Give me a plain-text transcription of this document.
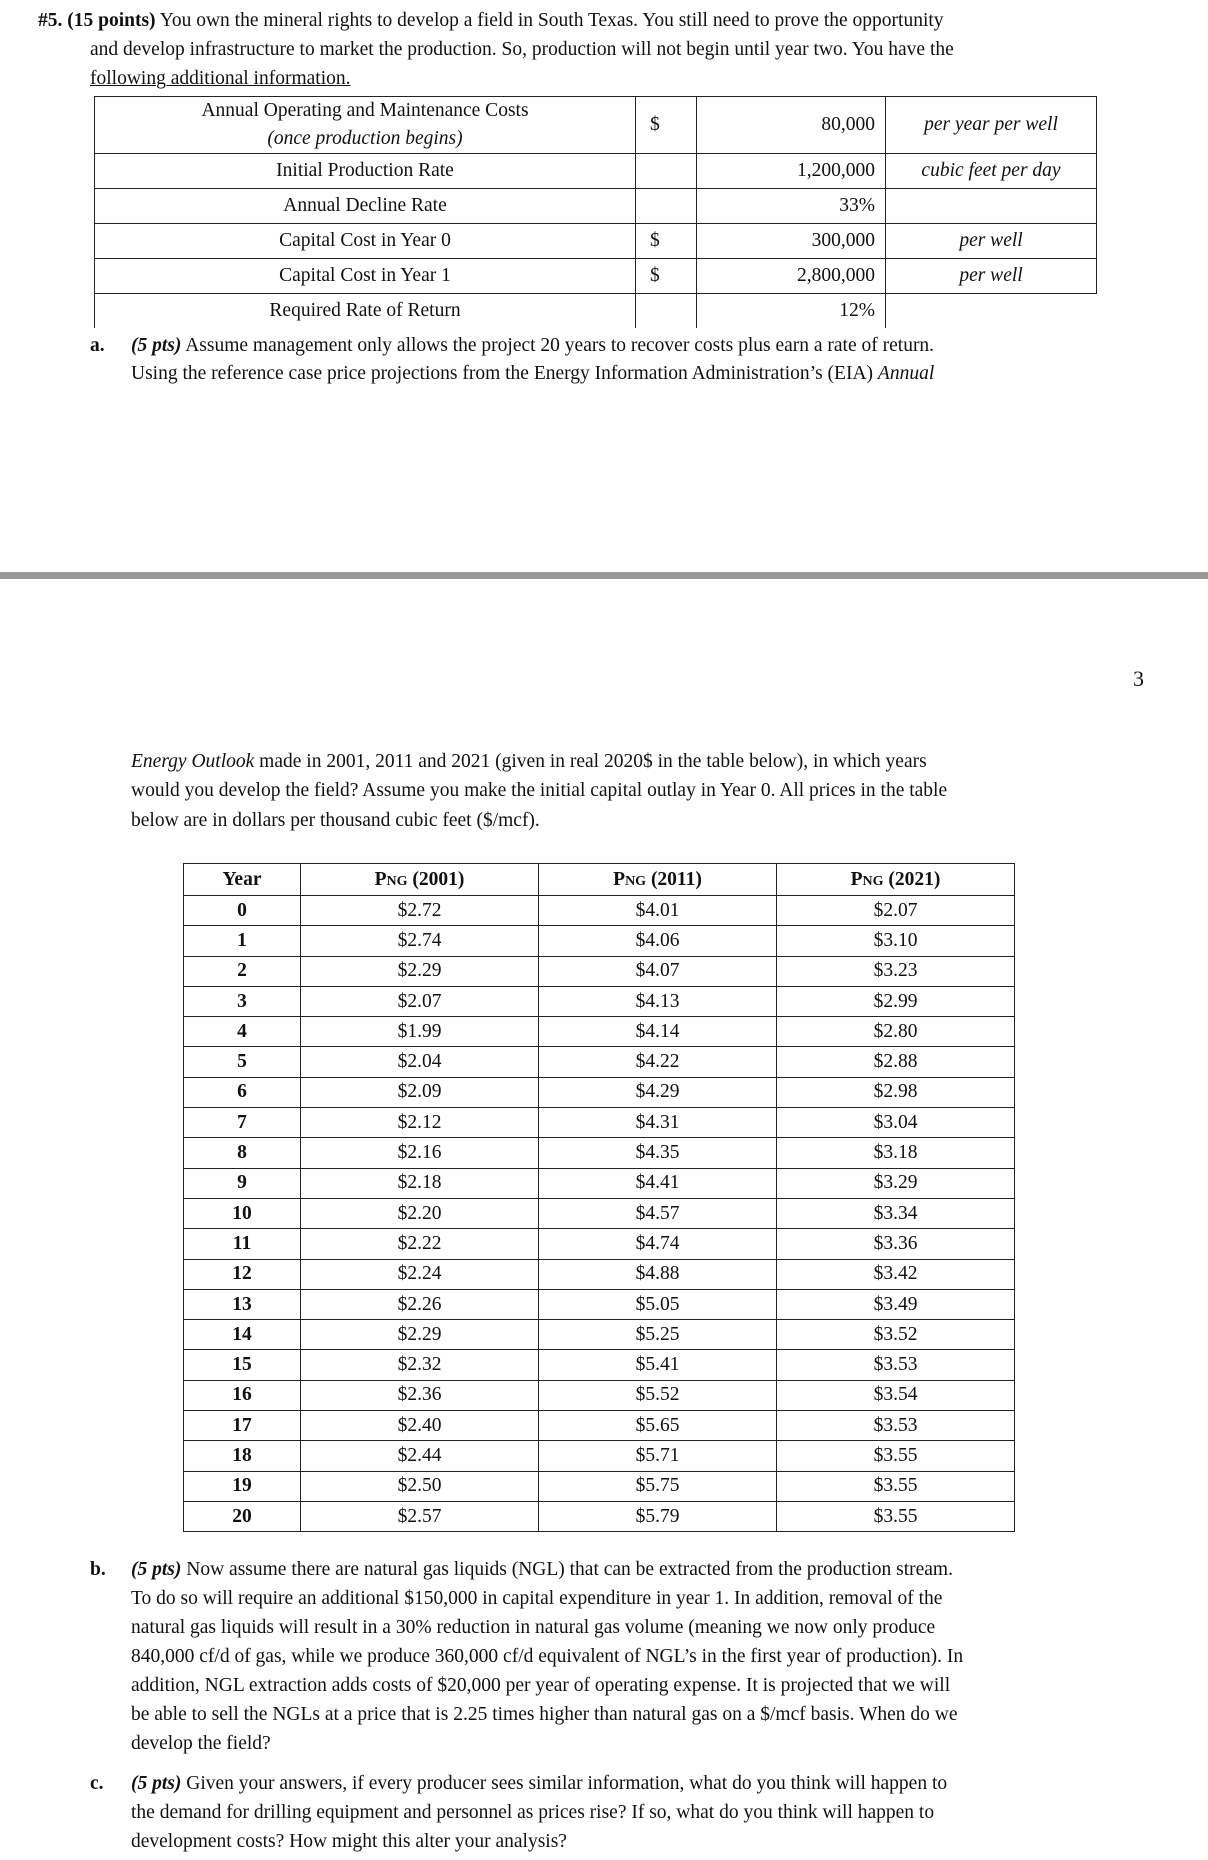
#5. (15 points) You own the mineral rights to develop a field in South Texas. You still need to prove the opportunity
and develop infrastructure to market the production. So, production will not begin until year two. You have the
following additional information.
Annual Operating and Maintenance Costs
(once production begins)	$	80,000	per year per well
Initial Production Rate		1,200,000	cubic feet per day
Annual Decline Rate		33%	
Capital Cost in Year 0	$	300,000	per well
Capital Cost in Year 1	$	2,800,000	per well
Required Rate of Return		12%	
a. (5 pts) Assume management only allows the project 20 years to recover costs plus earn a rate of return.
Using the reference case price projections from the Energy Information Administration’s (EIA) Annual
3
Energy Outlook made in 2001, 2011 and 2021 (given in real 2020$ in the table below), in which years
would you develop the field? Assume you make the initial capital outlay in Year 0. All prices in the table
below are in dollars per thousand cubic feet ($/mcf).
Year	PNG (2001)	PNG (2011)	PNG (2021)
0	$2.72	$4.01	$2.07
1	$2.74	$4.06	$3.10
2	$2.29	$4.07	$3.23
3	$2.07	$4.13	$2.99
4	$1.99	$4.14	$2.80
5	$2.04	$4.22	$2.88
6	$2.09	$4.29	$2.98
7	$2.12	$4.31	$3.04
8	$2.16	$4.35	$3.18
9	$2.18	$4.41	$3.29
10	$2.20	$4.57	$3.34
11	$2.22	$4.74	$3.36
12	$2.24	$4.88	$3.42
13	$2.26	$5.05	$3.49
14	$2.29	$5.25	$3.52
15	$2.32	$5.41	$3.53
16	$2.36	$5.52	$3.54
17	$2.40	$5.65	$3.53
18	$2.44	$5.71	$3.55
19	$2.50	$5.75	$3.55
20	$2.57	$5.79	$3.55
b. (5 pts) Now assume there are natural gas liquids (NGL) that can be extracted from the production stream.
To do so will require an additional $150,000 in capital expenditure in year 1. In addition, removal of the
natural gas liquids will result in a 30% reduction in natural gas volume (meaning we now only produce
840,000 cf/d of gas, while we produce 360,000 cf/d equivalent of NGL’s in the first year of production). In
addition, NGL extraction adds costs of $20,000 per year of operating expense. It is projected that we will
be able to sell the NGLs at a price that is 2.25 times higher than natural gas on a $/mcf basis. When do we
develop the field?
c. (5 pts) Given your answers, if every producer sees similar information, what do you think will happen to
the demand for drilling equipment and personnel as prices rise? If so, what do you think will happen to
development costs? How might this alter your analysis?
